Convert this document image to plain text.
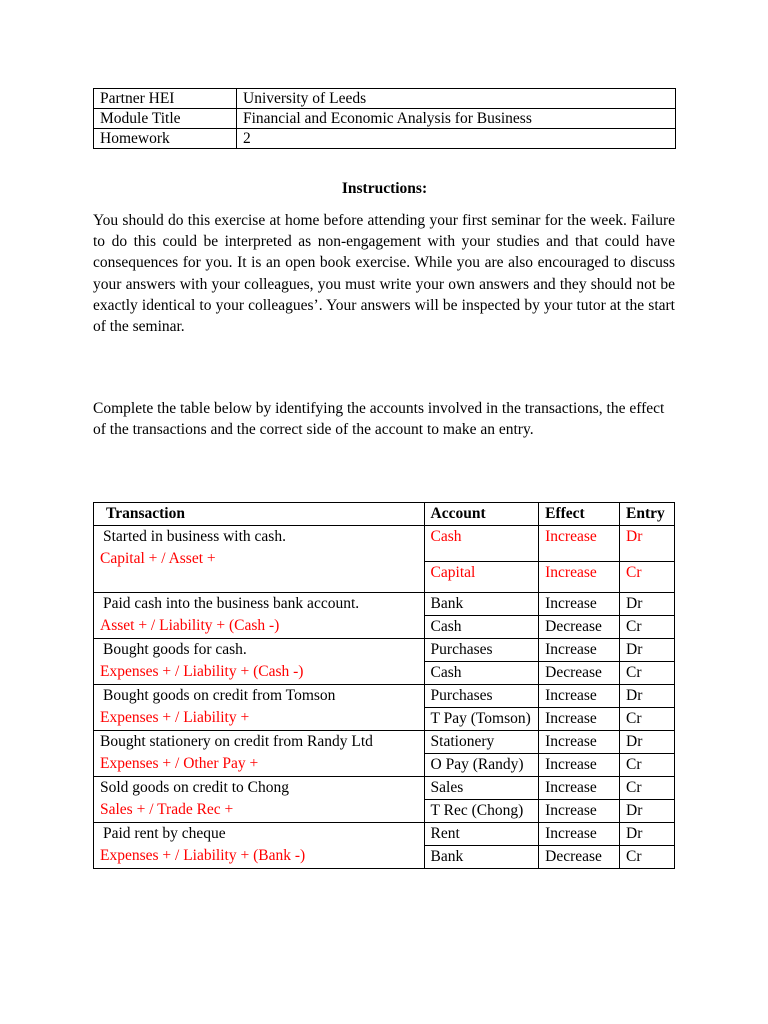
Partner HEI	University of Leeds
Module Title	Financial and Economic Analysis for Business
Homework	2
Instructions:

You should do this exercise at home before attending your first seminar for the week. Failure to do this could be interpreted as non-engagement with your studies and that could have consequences for you. It is an open book exercise. While you are also encouraged to discuss your answers with your colleagues, you must write your own answers and they should not be exactly identical to your colleagues’. Your answers will be inspected by your tutor at the start of the seminar.

Complete the table below by identifying the accounts involved in the transactions, the effect of the transactions and the correct side of the account to make an entry.

Transaction	Account	Effect	Entry

Started in business with cash.
Capital + / Asset +	Cash	Increase	Dr
	Capital	Increase	Cr

Paid cash into the business bank account.
Asset + / Liability + (Cash -)	Bank	Increase	Dr
	Cash	Decrease	Cr

Bought goods for cash.
Expenses + / Liability + (Cash -)	Purchases	Increase	Dr
	Cash	Decrease	Cr

Bought goods on credit from Tomson
Expenses + / Liability +	Purchases	Increase	Dr
	T Pay (Tomson)	Increase	Cr

Bought stationery on credit from Randy Ltd
Expenses + / Other Pay +	Stationery	Increase	Dr
	O Pay (Randy)	Increase	Cr

Sold goods on credit to Chong
Sales + / Trade Rec +	Sales	Increase	Cr
	T Rec (Chong)	Increase	Dr

Paid rent by cheque
Expenses + / Liability + (Bank -)	Rent	Increase	Dr
	Bank	Decrease	Cr
